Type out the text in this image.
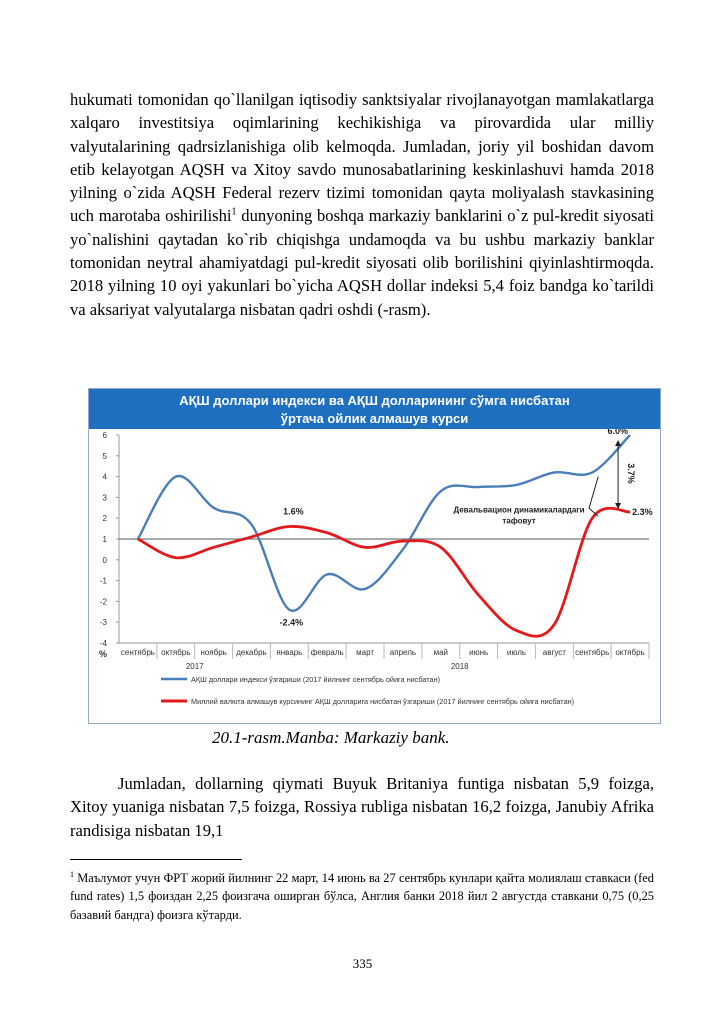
hukumati tomonidan qo`llanilgan iqtisodiy sanktsiyalar rivojlanayotgan mamlakatlarga xalqaro investitsiya oqimlarining kechikishiga va pirovardida ular milliy valyutalarining qadrsizlanishiga olib kelmoqda. Jumladan, joriy yil boshidan davom etib kelayotgan AQSH va Xitoy savdo munosabatlarining keskinlashuvi hamda 2018 yilning o`zida AQSH Federal rezerv tizimi tomonidan qayta moliyalash stavkasining uch marotaba oshirilishi$^1$ dunyoning boshqa markaziy banklarini o`z pul-kredit siyosati yo`nalishini qaytadan ko`rib chiqishga undamoqda va bu ushbu markaziy banklar tomonidan neytral ahamiyatdagi pul-kredit siyosati olib borilishini qiyinlashtirmoqda. 2018 yilning 10 oyi yakunlari bo`yicha AQSH dollar indeksi 5,4 foiz bandga ko`tarildi va aksariyat valyutalarga nisbatan qadri oshdi (-rasm).
АҚШ доллари индекси ва АҚШ долларининг сўмга нисбатан
ўртача ойлик алмашув курси
-4
-3
-2
-1
0
1
2
3
4
5
6
% сентябрь октябрь ноябрь декабрь январь февраль март апрель май	июнь июль август сентябрь октябрь
2017	2018
6.0%
2.3%
1.6%
-2.4%
3.7%
Девальвацион динамикалардаги
тафовут
АҚШ доллари индекси ўзгариши (2017 йилнинг сентябрь ойига нисбатан)
Миллий валюта алмашув курсининг АҚШ долларига нисбатан ўзгариши (2017 йилнинг сентябрь ойига нисбатан)
20.1-rasm.Manba: Markaziy bank.
Jumladan, dollarning qiymati Buyuk Britaniya funtiga nisbatan 5,9 foizga, Xitoy yuaniga nisbatan 7,5 foizga, Rossiya rubliga nisbatan 16,2 foizga, Janubiy Afrika randisiga nisbatan 19,1
$^1$ Маълумот учун ФРТ жорий йилнинг 22 март, 14 июнь ва 27 сентябрь кунлари қайта молиялаш ставкаси (fed fund rates) 1,5 фоиздан 2,25 фоизгача оширган бўлса, Англия банки 2018 йил 2 августда ставкани 0,75 (0,25 базавий бандга) фоизга кўтарди.
335
